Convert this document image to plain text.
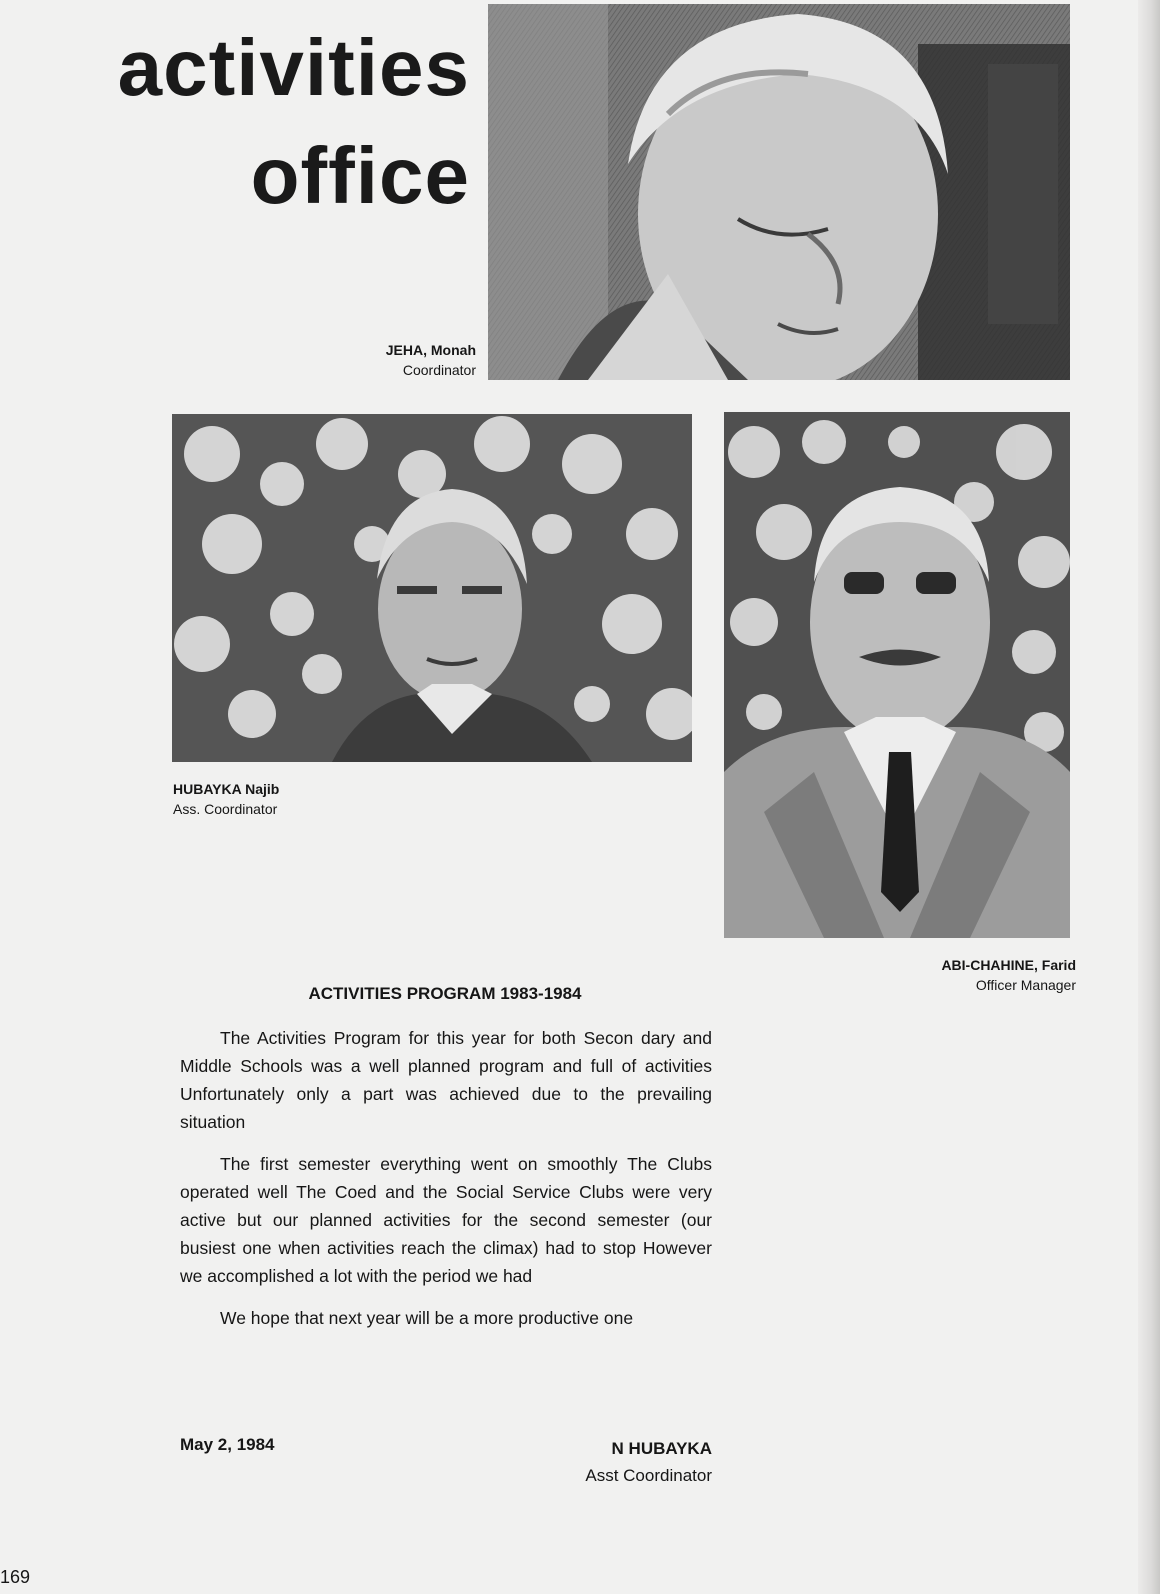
activities
office
JEHA, Monah
Coordinator
HUBAYKA Najib
Ass. Coordinator
ABI-CHAHINE, Farid
Officer Manager
ACTIVITIES PROGRAM 1983-1984

The Activities Program for this year for both Secon dary and Middle Schools was a well planned program and full of activities Unfortunately only a part was achieved due to the prevailing situation

The first semester everything went on smoothly The Clubs operated well The Coed and the Social Service Clubs were very active but our planned activities for the second semester (our busiest one when activities reach the climax) had to stop However we accomplished a lot with the period we had

We hope that next year will be a more productive one

May 2, 1984	N HUBAYKA
Asst Coordinator
169
